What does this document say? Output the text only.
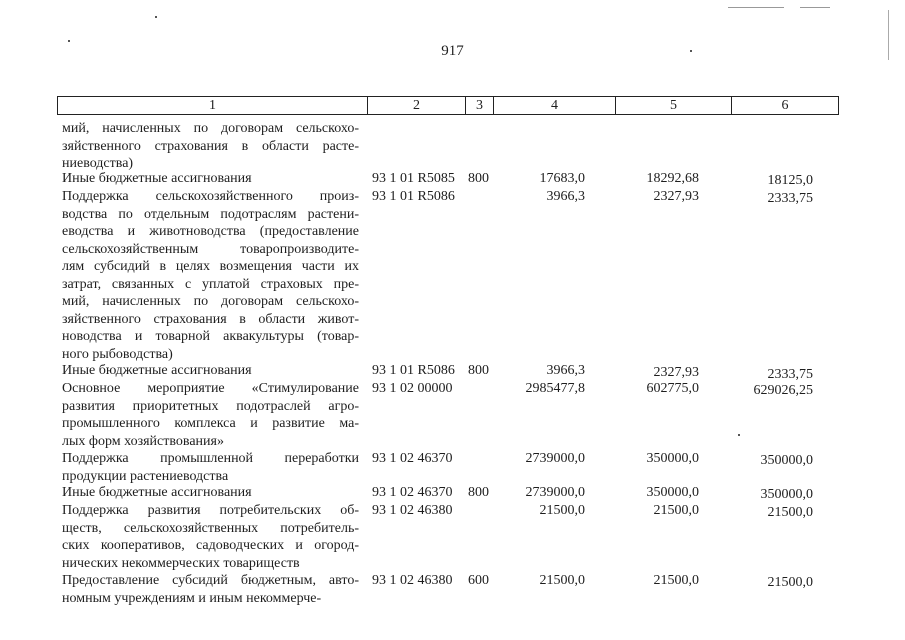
917
1	2	3	4	5	6
мий, начисленных по договорам сельскохо-
зяйственного страхования в области расте-
ниеводства)
Иные бюджетные ассигнования	93 1 01 R5085 800	17683,0	18292,68	18125,0
Поддержка сельскохозяйственного произ-
водства по отдельным подотраслям растени-
еводства и животноводства (предоставление
сельскохозяйственным товаропроизводите-
лям субсидий в целях возмещения части их
затрат, связанных с уплатой страховых пре-
мий, начисленных по договорам сельскохо-
зяйственного страхования в области живот-
новодства и товарной аквакультуры (товар-
ного рыбоводства)
93 1 01 R5086	3966,3	2327,93	2333,75
Иные бюджетные ассигнования	93 1 01 R5086 800	3966,3	2327,93	2333,75
Основное мероприятие «Стимулирование
развития приоритетных подотраслей агро-
промышленного комплекса и развитие ма-
лых форм хозяйствования»
93 1 02 00000	2985477,8	602775,0	629026,25
Поддержка промышленной переработки
продукции растениеводства
93 1 02 46370	2739000,0	350000,0	350000,0
Иные бюджетные ассигнования	93 1 02 46370 800	2739000,0	350000,0	350000,0
Поддержка развития потребительских об-
ществ, сельскохозяйственных потребитель-
ских кооперативов, садоводческих и огород-
нических некоммерческих товариществ
93 1 02 46380	21500,0	21500,0	21500,0
Предоставление субсидий бюджетным, авто-
номным учреждениям и иным некоммерче-
93 1 02 46380 600	21500,0	21500,0	21500,0
